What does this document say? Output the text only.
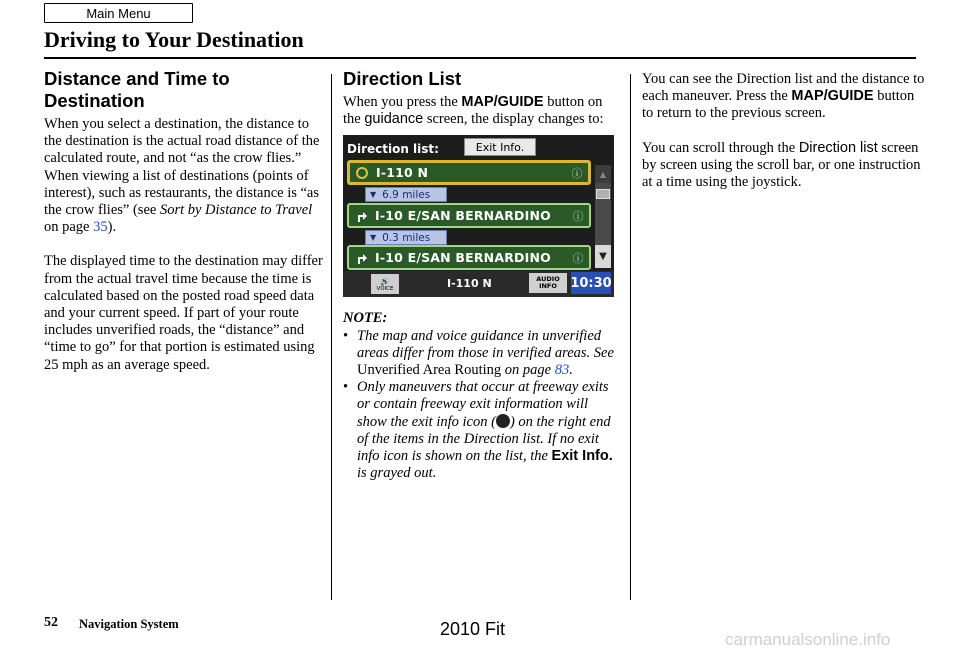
Main Menu
Driving to Your Destination
Distance and Time to Destination

When you select a destination, the distance to the destination is the actual road distance of the calculated route, and not “as the crow flies.” When viewing a list of destinations (points of interest), such as restaurants, the distance is “as the crow flies” (see Sort by Distance to Travel on page 35).

The displayed time to the destination may differ from the actual travel time because the time is calculated based on the posted road speed data and your current speed. If part of your route includes unverified roads, the “distance” and “time to go” for that portion is estimated using 25 mph as an average speed.

Direction List
When you press the MAP/GUIDE button on the guidance screen, the display changes to:
Direction list:	Exit Info.
I-110 N	ⓘ
▼ 6.9 miles
I-10 E/SAN BERNARDINO	ⓘ
▼ 0.3 miles
I-10 E/SAN BERNARDINO	ⓘ
▲
▼
🔊
VOICE	I-110 N	AUDIO
INFO 10:30
NOTE:
• The map and voice guidance in unverified areas differ from those in verified areas. See Unverified Area Routing on page 83.
• Only maneuvers that occur at freeway exits or contain freeway exit information will show the exit info icon ( ) on the right end of the items in the Direction list. If no exit info icon is shown on the list, the Exit Info. is grayed out.

You can see the Direction list and the distance to each maneuver. Press the MAP/GUIDE button to return to the previous screen.

You can scroll through the Direction list screen by screen using the scroll bar, or one instruction at a time using the joystick.

52 Navigation System	2010 Fit
carmanualsonline.info
